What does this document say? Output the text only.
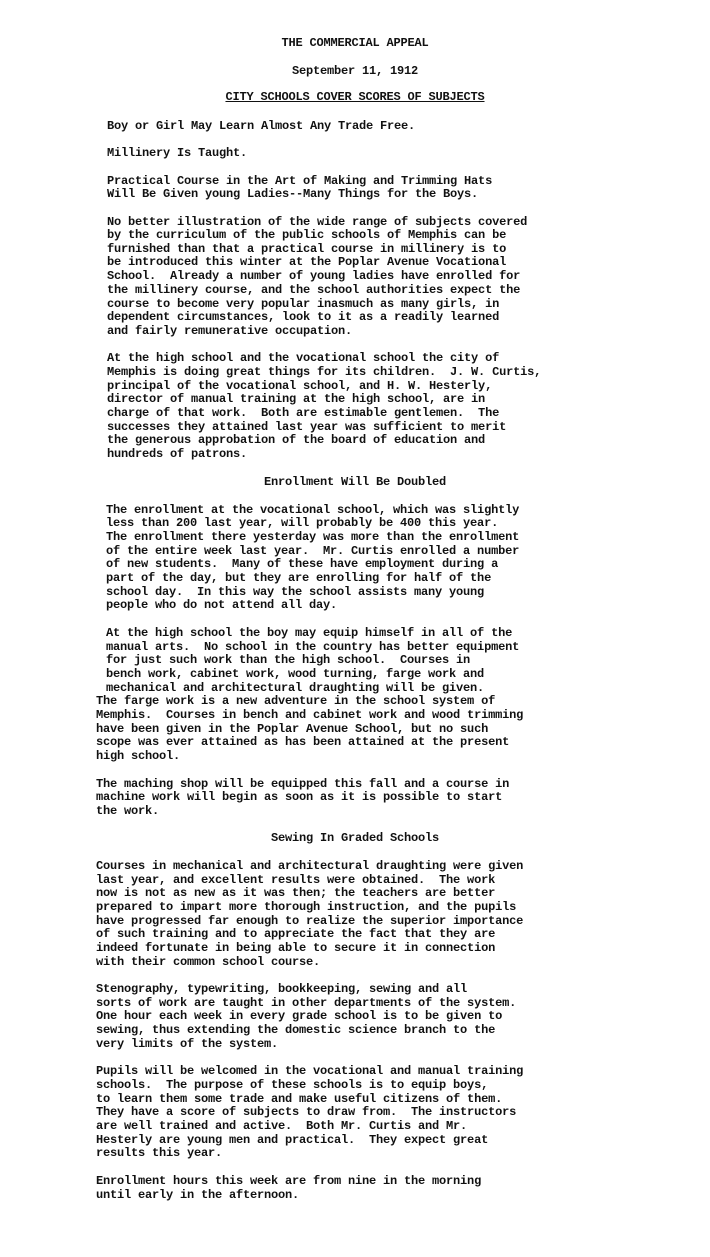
THE COMMERCIAL APPEAL
September 11, 1912
CITY SCHOOLS COVER SCORES OF SUBJECTS
Boy or Girl May Learn Almost Any Trade Free.
Millinery Is Taught.
Practical Course in the Art of Making and Trimming Hats
Will Be Given young Ladies--Many Things for the Boys.
No better illustration of the wide range of subjects covered
by the curriculum of the public schools of Memphis can be
furnished than that a practical course in millinery is to
be introduced this winter at the Poplar Avenue Vocational
School.  Already a number of young ladies have enrolled for
the millinery course, and the school authorities expect the
course to become very popular inasmuch as many girls, in
dependent circumstances, look to it as a readily learned
and fairly remunerative occupation.
At the high school and the vocational school the city of
Memphis is doing great things for its children.  J. W. Curtis,
principal of the vocational school, and H. W. Hesterly,
director of manual training at the high school, are in
charge of that work.  Both are estimable gentlemen.  The
successes they attained last year was sufficient to merit
the generous approbation of the board of education and
hundreds of patrons.
Enrollment Will Be Doubled
The enrollment at the vocational school, which was slightly
less than 200 last year, will probably be 400 this year.
The enrollment there yesterday was more than the enrollment
of the entire week last year.  Mr. Curtis enrolled a number
of new students.  Many of these have employment during a
part of the day, but they are enrolling for half of the
school day.  In this way the school assists many young
people who do not attend all day.
At the high school the boy may equip himself in all of the
manual arts.  No school in the country has better equipment
for just such work than the high school.  Courses in
bench work, cabinet work, wood turning, farge work and
mechanical and architectural draughting will be given.
The farge work is a new adventure in the school system of
Memphis.  Courses in bench and cabinet work and wood trimming
have been given in the Poplar Avenue School, but no such
scope was ever attained as has been attained at the present
high school.
The maching shop will be equipped this fall and a course in
machine work will begin as soon as it is possible to start
the work.
Sewing In Graded Schools
Courses in mechanical and architectural draughting were given
last year, and excellent results were obtained.  The work
now is not as new as it was then; the teachers are better
prepared to impart more thorough instruction, and the pupils
have progressed far enough to realize the superior importance
of such training and to appreciate the fact that they are
indeed fortunate in being able to secure it in connection
with their common school course.
Stenography, typewriting, bookkeeping, sewing and all
sorts of work are taught in other departments of the system.
One hour each week in every grade school is to be given to
sewing, thus extending the domestic science branch to the
very limits of the system.
Pupils will be welcomed in the vocational and manual training
schools.  The purpose of these schools is to equip boys,
to learn them some trade and make useful citizens of them.
They have a score of subjects to draw from.  The instructors
are well trained and active.  Both Mr. Curtis and Mr.
Hesterly are young men and practical.  They expect great
results this year.
Enrollment hours this week are from nine in the morning
until early in the afternoon.
